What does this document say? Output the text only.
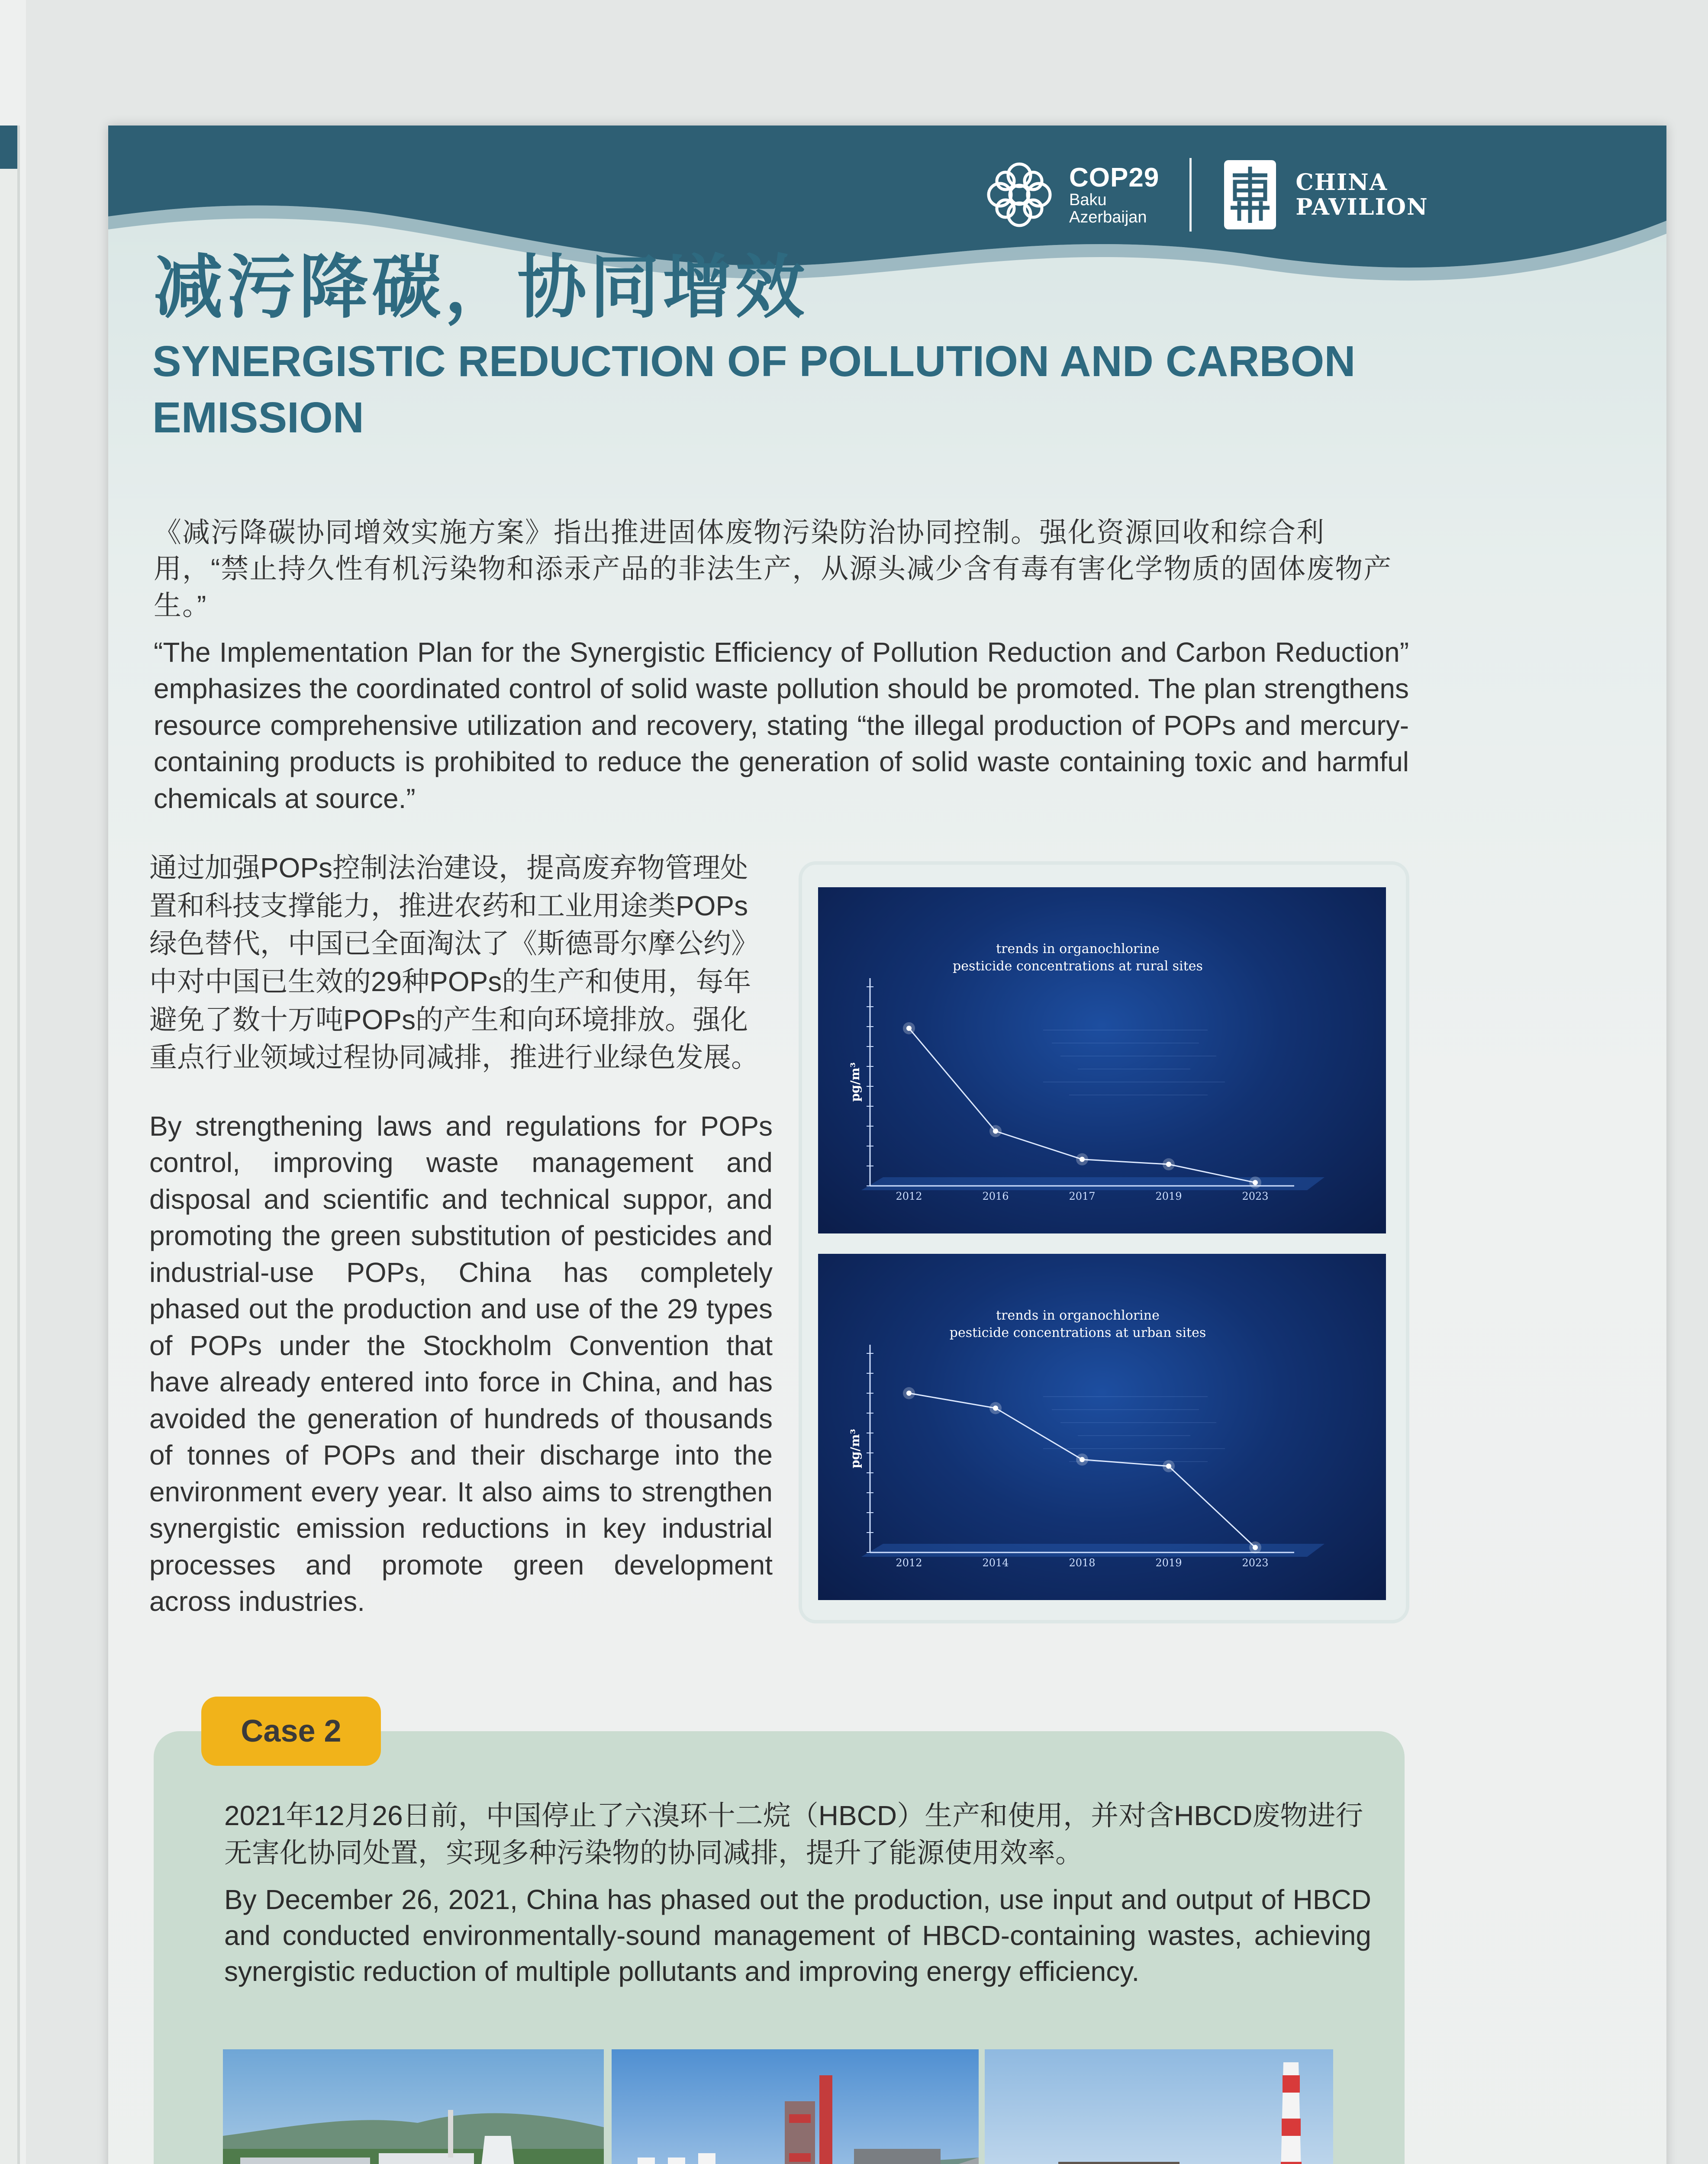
COP29
Baku
Azerbaijan
CHINA
PAVILION
减污降碳，协同增效
SYNERGISTIC REDUCTION OF POLLUTION AND CARBON EMISSION
《减污降碳协同增效实施方案》指出推进固体废物污染防治协同控制。强化资源回收和综合利用，“禁止持久性有机污染物和添汞产品的非法生产，从源头减少含有毒有害化学物质的固体废物产生。”
“The Implementation Plan for the Synergistic Efficiency of Pollution Reduction and Carbon Reduction” emphasizes the coordinated control of solid waste pollution should be promoted. The plan strengthens resource comprehensive utilization and recovery, stating “the illegal production of POPs and mercury-containing products is prohibited to reduce the generation of solid waste containing toxic and harmful chemicals at source.”
通过加强POPs控制法治建设，提高废弃物管理处置和科技支撑能力，推进农药和工业用途类POPs绿色替代，中国已全面淘汰了《斯德哥尔摩公约》中对中国已生效的29种POPs的生产和使用，每年避免了数十万吨POPs的产生和向环境排放。强化重点行业领域过程协同减排，推进行业绿色发展。
By strengthening laws and regulations for POPs control, improving waste management and disposal and scientific and technical suppor, and promoting the green substitution of pesticides and industrial-use POPs, China has completely phased out the production and use of the 29 types of POPs under the Stockholm Convention that have already entered into force in China, and has avoided the generation of hundreds of thousands of tonnes of POPs and their discharge into the environment every year. It also aims to strengthen synergistic emission reductions in key industrial processes and promote green development across industries.
trends in organochlorine
pesticide concentrations at rural sites
pg/m³
2012	2016	2017	2019	2023
trends in organochlorine
pesticide concentrations at urban sites
pg/m³
2012	2014	2018	2019	2023
Case 2
2021年12月26日前，中国停止了六溴环十二烷（HBCD）生产和使用，并对含HBCD废物进行无害化协同处置，实现多种污染物的协同减排，提升了能源使用效率。
By December 26, 2021, China has phased out the production, use input and output of HBCD and conducted environmentally-sound management of HBCD-containing wastes, achieving synergistic reduction of multiple pollutants and improving energy efficiency.
